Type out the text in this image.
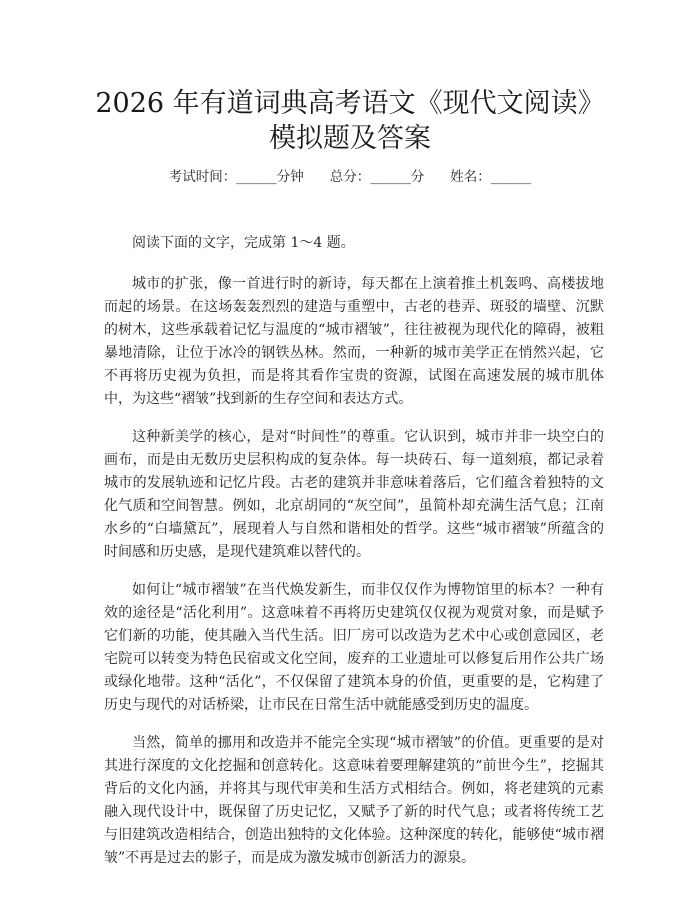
2026 年有道词典高考语文《现代文阅读》模拟题及答案
考试时间：______分钟 总分：______分 姓名：______

阅读下面的文字，完成第 1～4 题。

城市的扩张，像一首进行时的新诗，每天都在上演着推土机轰鸣、高楼拔地而起的场景。在这场轰轰烈烈的建造与重塑中，古老的巷弄、斑驳的墙壁、沉默的树木，这些承载着记忆与温度的“城市褶皱”，往往被视为现代化的障碍，被粗暴地清除，让位于冰冷的钢铁丛林。然而，一种新的城市美学正在悄然兴起，它不再将历史视为负担，而是将其看作宝贵的资源，试图在高速发展的城市肌体中，为这些“褶皱”找到新的生存空间和表达方式。

这种新美学的核心，是对“时间性”的尊重。它认识到，城市并非一块空白的画布，而是由无数历史层积构成的复杂体。每一块砖石、每一道刻痕，都记录着城市的发展轨迹和记忆片段。古老的建筑并非意味着落后，它们蕴含着独特的文化气质和空间智慧。例如，北京胡同的“灰空间”，虽简朴却充满生活气息；江南水乡的“白墙黛瓦”，展现着人与自然和谐相处的哲学。这些“城市褶皱”所蕴含的时间感和历史感，是现代建筑难以替代的。

如何让“城市褶皱”在当代焕发新生，而非仅仅作为博物馆里的标本？一种有效的途径是“活化利用”。这意味着不再将历史建筑仅仅视为观赏对象，而是赋予它们新的功能，使其融入当代生活。旧厂房可以改造为艺术中心或创意园区，老宅院可以转变为特色民宿或文化空间，废弃的工业遗址可以修复后用作公共广场或绿化地带。这种“活化”，不仅保留了建筑本身的价值，更重要的是，它构建了历史与现代的对话桥梁，让市民在日常生活中就能感受到历史的温度。

当然，简单的挪用和改造并不能完全实现“城市褶皱”的价值。更重要的是对其进行深度的文化挖掘和创意转化。这意味着要理解建筑的“前世今生”，挖掘其背后的文化内涵，并将其与现代审美和生活方式相结合。例如，将老建筑的元素融入现代设计中，既保留了历史记忆，又赋予了新的时代气息；或者将传统工艺与旧建筑改造相结合，创造出独特的文化体验。这种深度的转化，能够使“城市褶皱”不再是过去的影子，而是成为激发城市创新活力的源泉。
